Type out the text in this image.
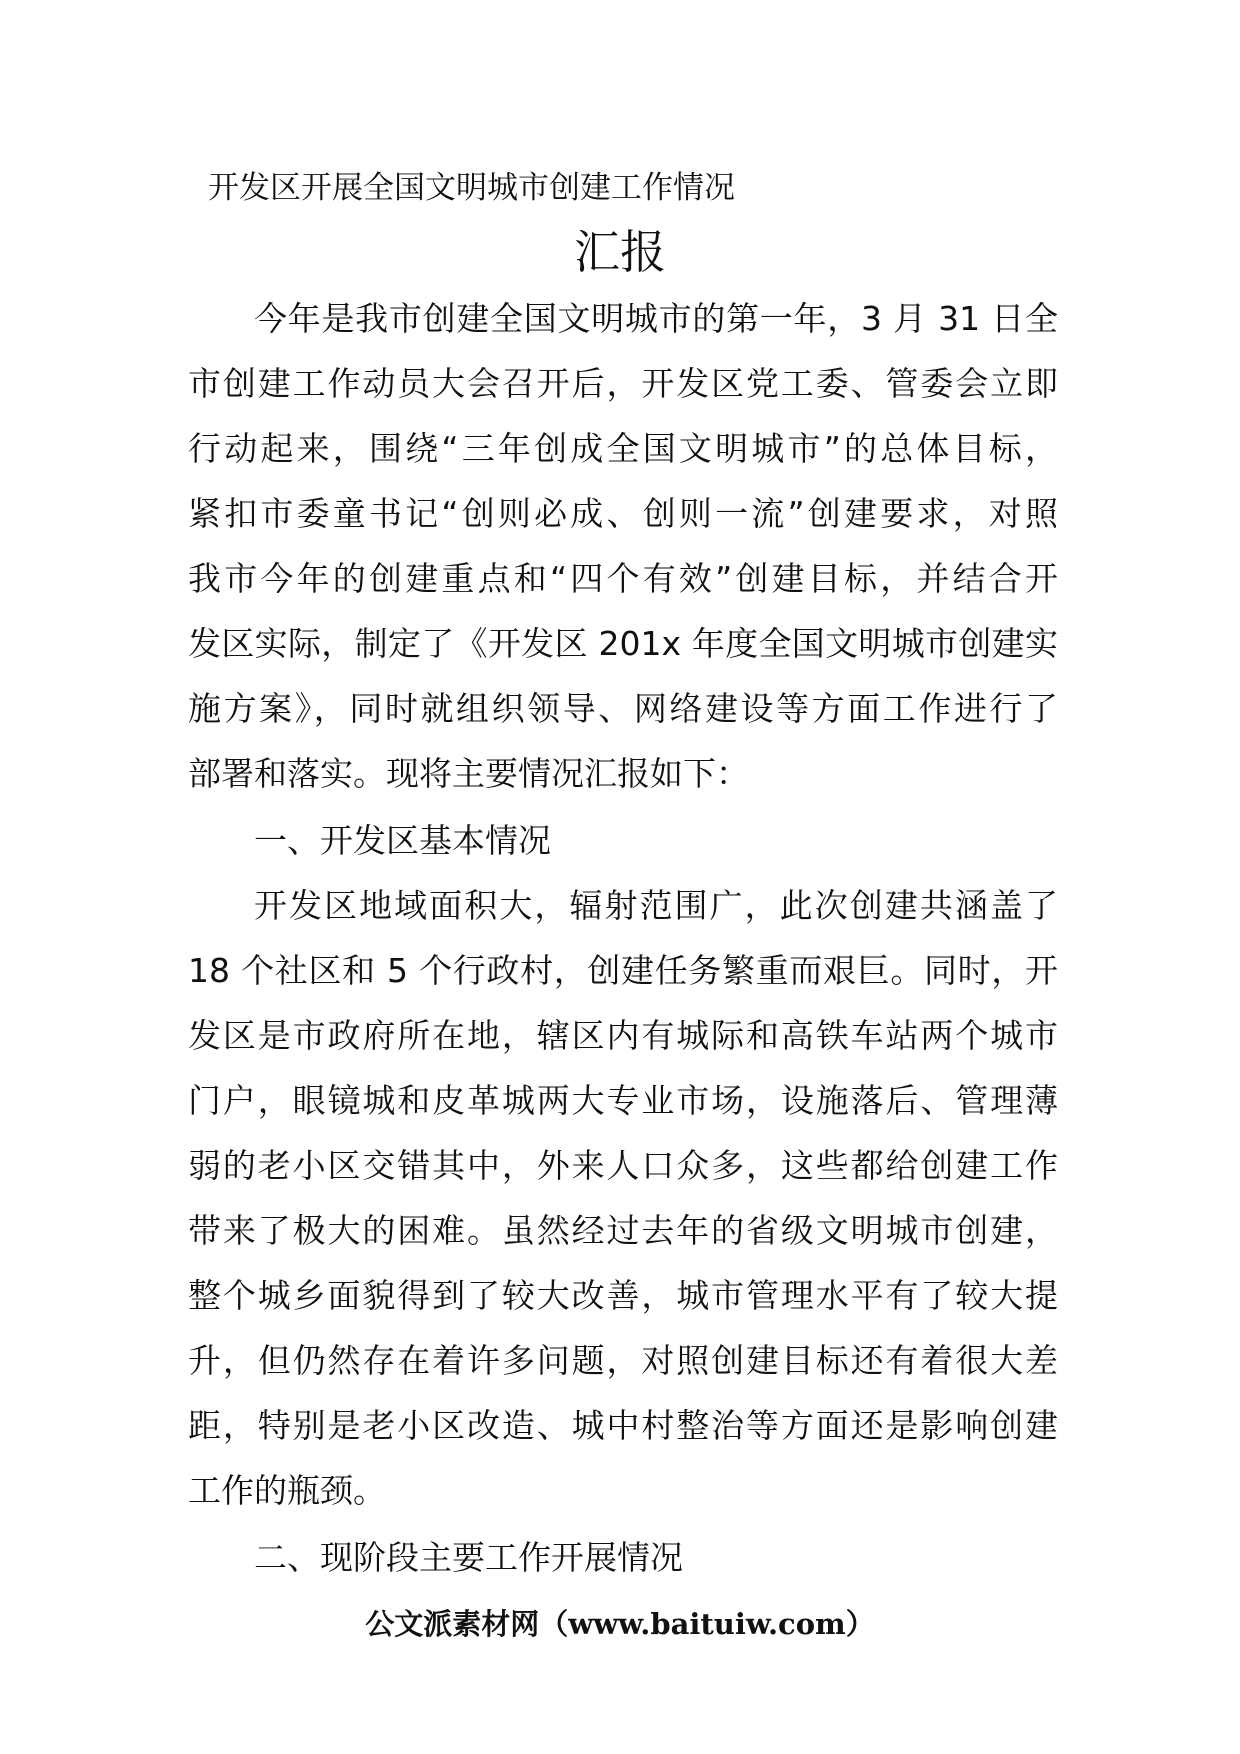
开发区开展全国文明城市创建工作情况
汇报
今年是我市创建全国文明城市的第一年，3 月 31 日全
市创建工作动员大会召开后，开发区党工委、管委会立即
行动起来，围绕“三年创成全国文明城市”的总体目标，
紧扣市委童书记“创则必成、创则一流”创建要求，对照
我市今年的创建重点和“四个有效”创建目标，并结合开
发区实际，制定了《开发区 201x 年度全国文明城市创建实
施方案》，同时就组织领导、网络建设等方面工作进行了
部署和落实。现将主要情况汇报如下：
一、开发区基本情况
开发区地域面积大，辐射范围广，此次创建共涵盖了
18 个社区和 5 个行政村，创建任务繁重而艰巨。同时，开
发区是市政府所在地，辖区内有城际和高铁车站两个城市
门户，眼镜城和皮革城两大专业市场，设施落后、管理薄
弱的老小区交错其中，外来人口众多，这些都给创建工作
带来了极大的困难。虽然经过去年的省级文明城市创建，
整个城乡面貌得到了较大改善，城市管理水平有了较大提
升，但仍然存在着许多问题，对照创建目标还有着很大差
距，特别是老小区改造、城中村整治等方面还是影响创建
工作的瓶颈。
二、现阶段主要工作开展情况
公文派素材网（www.baituiw.com）
